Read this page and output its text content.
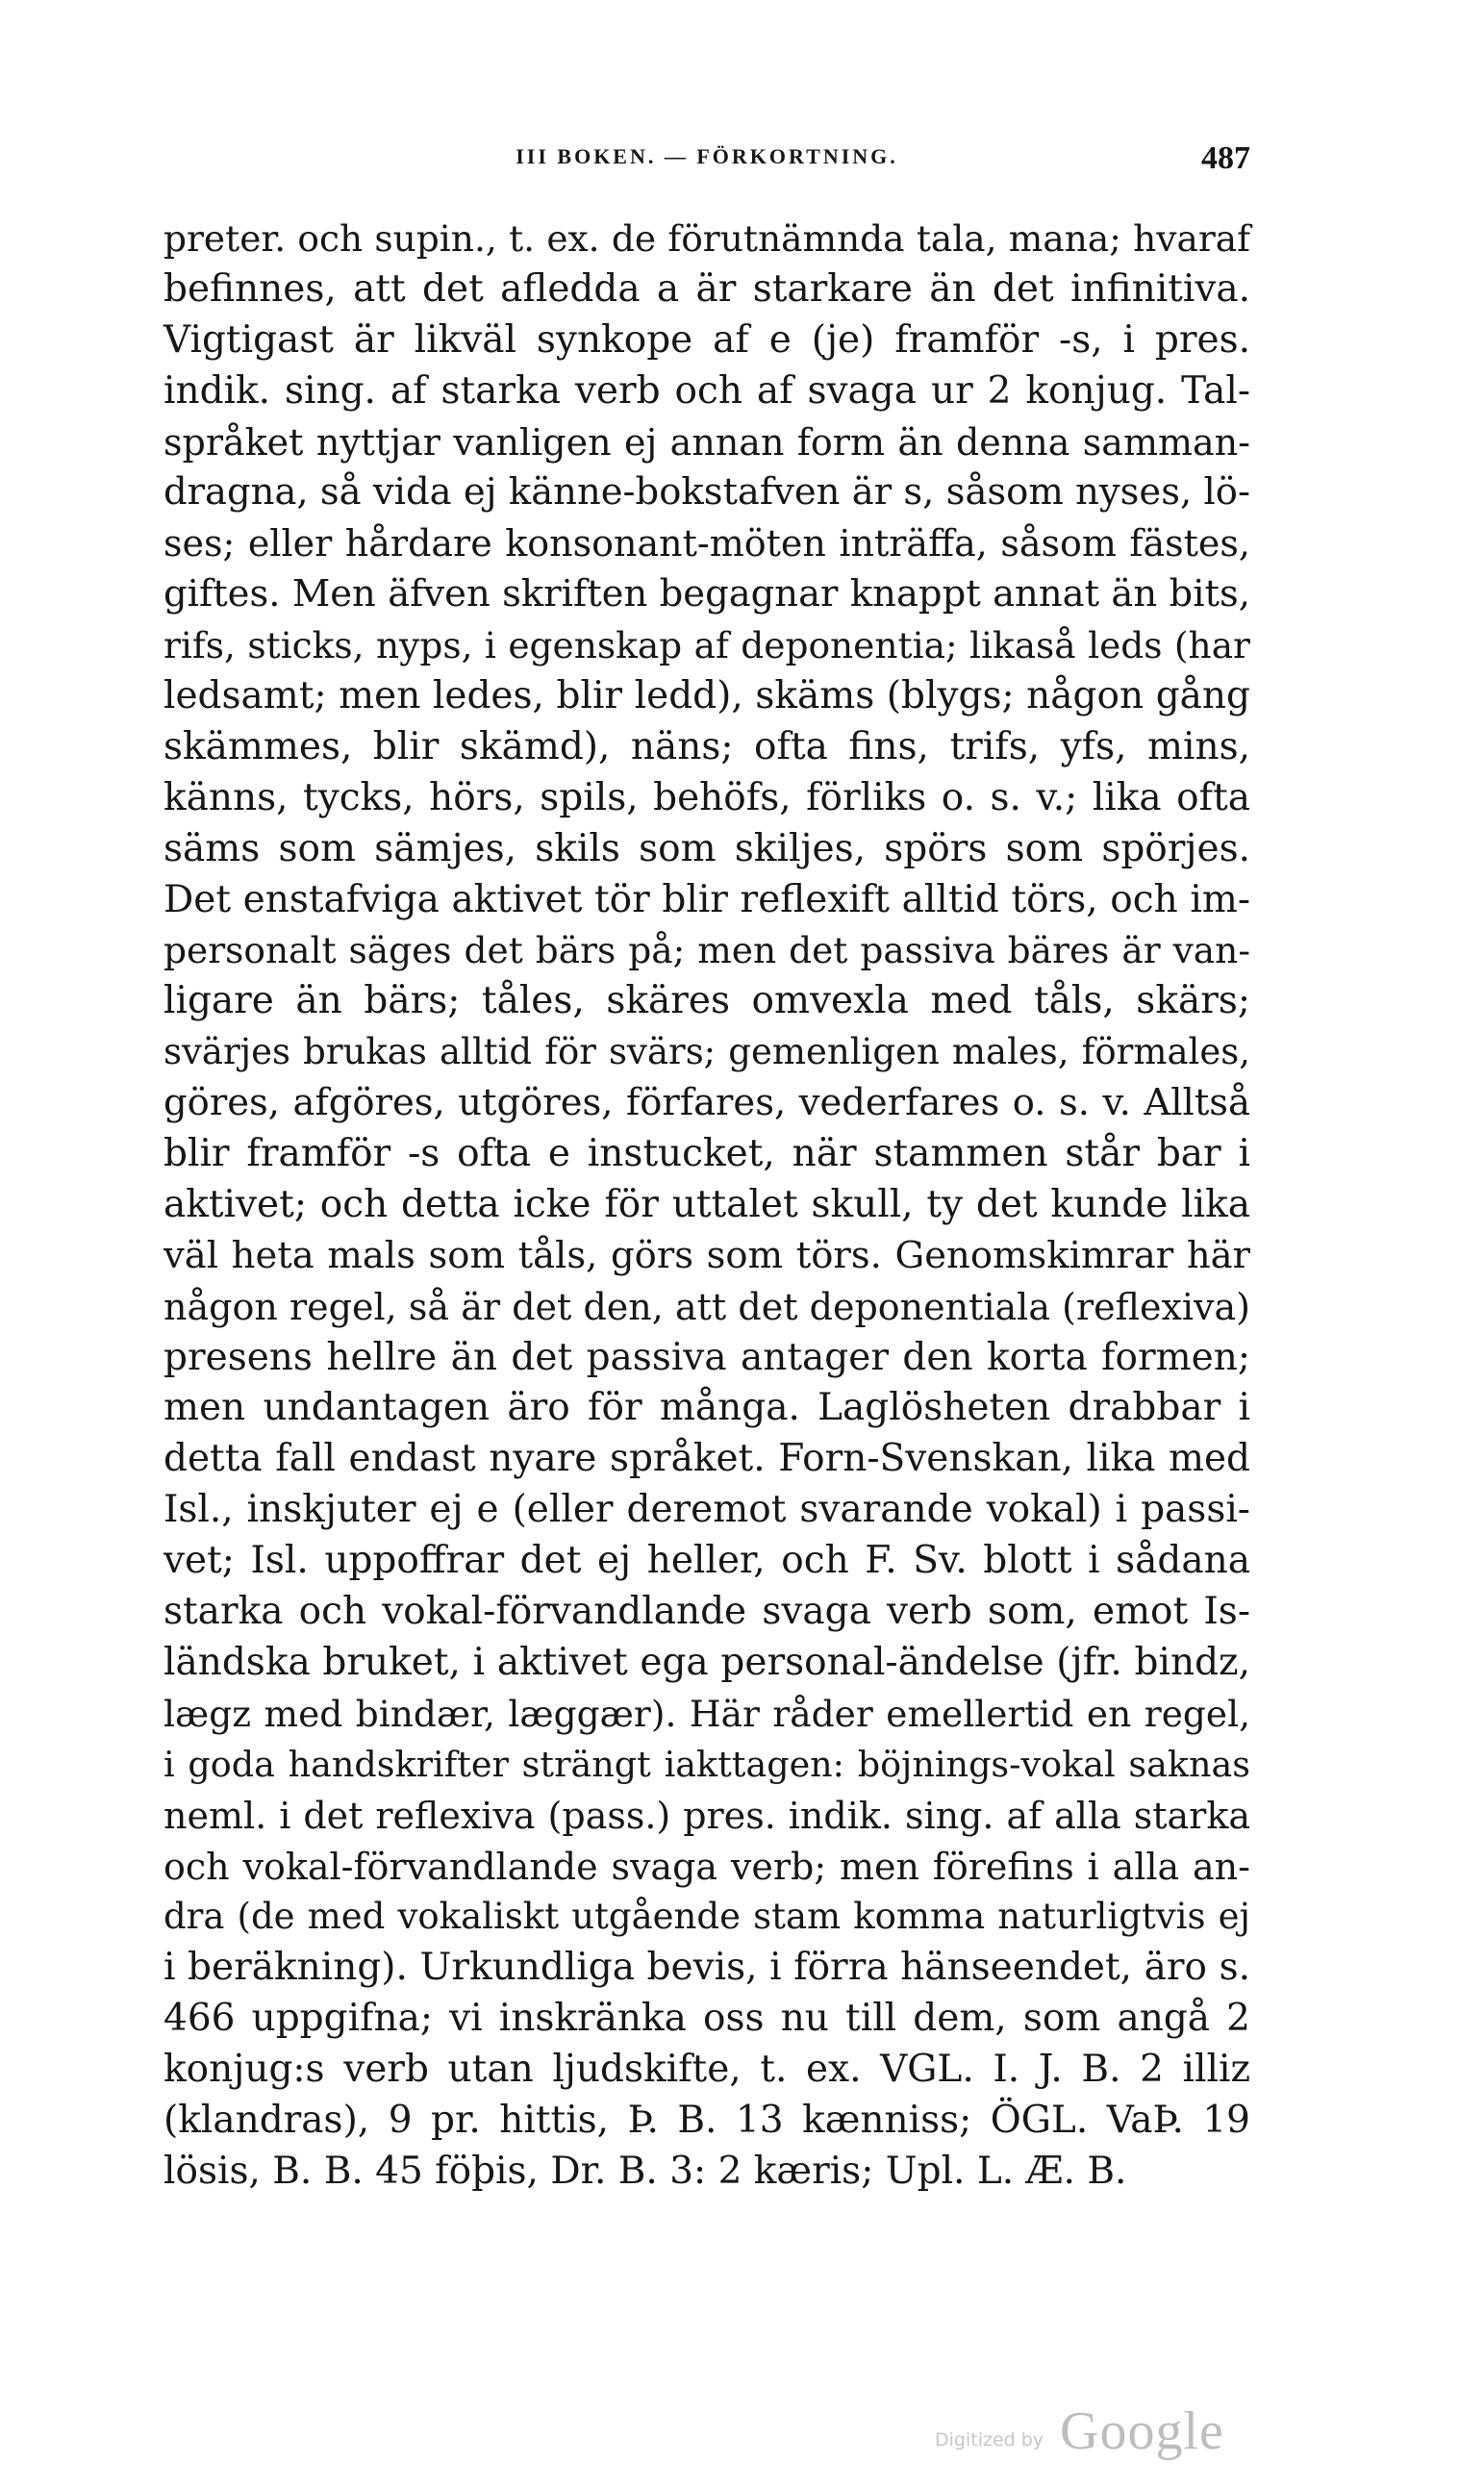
III BOKEN. — FÖRKORTNING.	487
preter. och supin., t. ex. de förutnämnda tala, mana; hvaraf
befinnes, att det afledda a är starkare än det infinitiva.
Vigtigast är likväl synkope af e (je) framför -s, i pres.
indik. sing. af starka verb och af svaga ur 2 konjug. Tal-
språket nyttjar vanligen ej annan form än denna samman-
dragna, så vida ej känne-bokstafven är s, såsom nyses, lö-
ses; eller hårdare konsonant-möten inträffa, såsom fästes,
giftes. Men äfven skriften begagnar knappt annat än bits,
rifs, sticks, nyps, i egenskap af deponentia; likaså leds (har
ledsamt; men ledes, blir ledd), skäms (blygs; någon gång
skämmes, blir skämd), näns; ofta fins, trifs, yfs, mins,
känns, tycks, hörs, spils, behöfs, förliks o. s. v.; lika ofta
säms som sämjes, skils som skiljes, spörs som spörjes.
Det enstafviga aktivet tör blir reflexift alltid törs, och im-
personalt säges det bärs på; men det passiva bäres är van-
ligare än bärs; tåles, skäres omvexla med tåls, skärs;
svärjes brukas alltid för svärs; gemenligen males, förmales,
göres, afgöres, utgöres, förfares, vederfares o. s. v. Alltså
blir framför -s ofta e instucket, när stammen står bar i
aktivet; och detta icke för uttalet skull, ty det kunde lika
väl heta mals som tåls, görs som törs. Genomskimrar här
någon regel, så är det den, att det deponentiala (reflexiva)
presens hellre än det passiva antager den korta formen;
men undantagen äro för många. Laglösheten drabbar i
detta fall endast nyare språket. Forn-Svenskan, lika med
Isl., inskjuter ej e (eller deremot svarande vokal) i passi-
vet; Isl. uppoffrar det ej heller, och F. Sv. blott i sådana
starka och vokal-förvandlande svaga verb som, emot Is-
ländska bruket, i aktivet ega personal-ändelse (jfr. bindz,
lægz med bindær, læggær). Här råder emellertid en regel,
i goda handskrifter strängt iakttagen: böjnings-vokal saknas
neml. i det reflexiva (pass.) pres. indik. sing. af alla starka
och vokal-förvandlande svaga verb; men förefins i alla an-
dra (de med vokaliskt utgående stam komma naturligtvis ej
i beräkning). Urkundliga bevis, i förra hänseendet, äro s.
466 uppgifna; vi inskränka oss nu till dem, som angå 2
konjug:s verb utan ljudskifte, t. ex. VGL. I. J. B. 2 illiz
(klandras), 9 pr. hittis, Þ. B. 13 kænniss; ÖGL. VaÞ. 19
lösis, B. B. 45 föþis, Dr. B. 3: 2 kæris; Upl. L. Æ. B.
Digitized by Google
